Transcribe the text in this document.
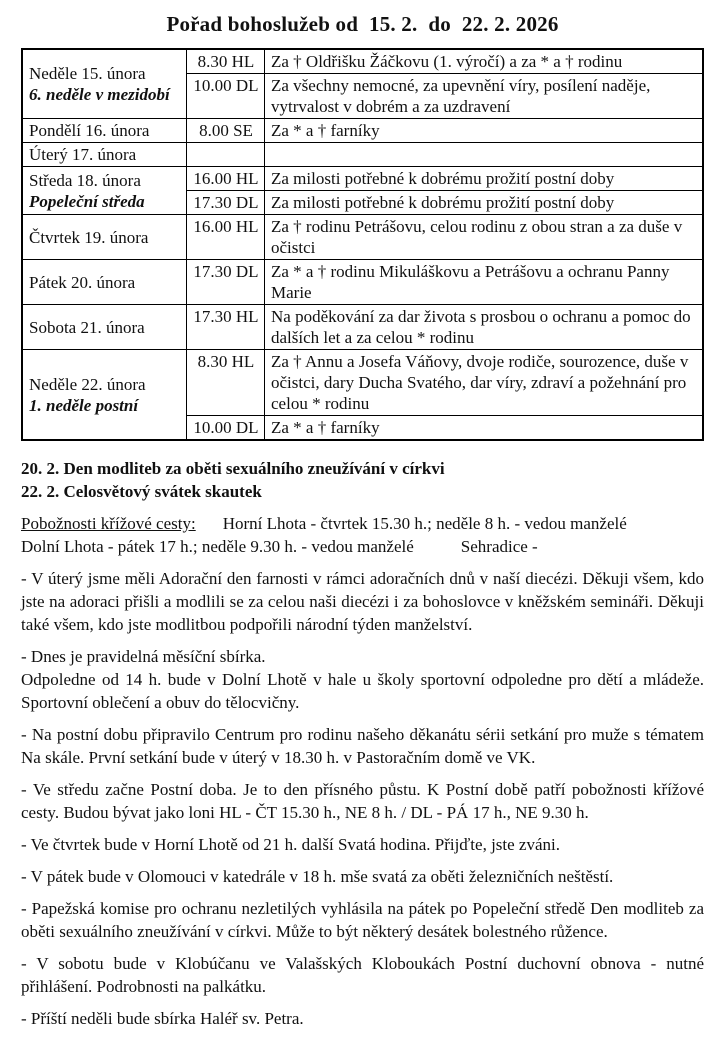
Pořad bohoslužeb od  15. 2.  do  22. 2. 2026
Neděle 15. února
6. neděle v mezidobí	8.30 HL	Za † Oldřišku Žáčkovu (1. výročí) a za * a † rodinu
	10.00 DL	Za všechny nemocné, za upevnění víry, posílení naděje, vytrvalost v dobrém a za uzdravení

Pondělí 16. února	8.00 SE	Za * a † farníky

Úterý 17. února		

Středa 18. února
Popeleční středa	16.00 HL	Za milosti potřebné k dobrému prožití postní doby
	17.30 DL	Za milosti potřebné k dobrému prožití postní doby

Čtvrtek 19. února	16.00 HL	Za † rodinu Petrášovu, celou rodinu z obou stran a za duše v očistci

Pátek 20. února	17.30 DL	Za * a † rodinu Mikuláškovu a Petrášovu a ochranu Panny Marie

Sobota 21. února	17.30 HL	Na poděkování za dar života s prosbou o ochranu a pomoc do dalších let a za celou * rodinu

Neděle 22. února
1. neděle postní	8.30 HL	Za † Annu a Josefa Váňovy, dvoje rodiče, sourozence, duše v očistci, dary Ducha Svatého, dar víry, zdraví a požehnání pro celou * rodinu
	10.00 DL	Za * a † farníky
20. 2. Den modliteb za oběti sexuálního zneužívání v církvi
22. 2. Celosvětový svátek skautek
Pobožnosti křížové cesty: Horní Lhota - čtvrtek 15.30 h.; neděle 8 h. - vedou manželé
Dolní Lhota - pátek 17 h.; neděle 9.30 h. - vedou manželé	Sehradice -

- V úterý jsme měli Adorační den farnosti v rámci adoračních dnů v naší diecézi. Děkuji všem, kdo jste na adoraci přišli a modlili se za celou naši diecézi i za bohoslovce v kněžském semináři. Děkuji také všem, kdo jste modlitbou podpořili národní týden manželství.

- Dnes je pravidelná měsíční sbírka.

Odpoledne od 14 h. bude v Dolní Lhotě v hale u školy sportovní odpoledne pro dětí a mládeže. Sportovní oblečení a obuv do tělocvičny.

- Na postní dobu připravilo Centrum pro rodinu našeho děkanátu sérii setkání pro muže s tématem Na skále. První setkání bude v úterý v 18.30 h. v Pastoračním domě ve VK.

- Ve středu začne Postní doba. Je to den přísného půstu. K Postní době patří pobožnosti křížové cesty. Budou bývat jako loni HL - ČT 15.30 h., NE 8 h. / DL - PÁ 17 h., NE 9.30 h.

- Ve čtvrtek bude v Horní Lhotě od 21 h. další Svatá hodina. Přijďte, jste zváni.

- V pátek bude v Olomouci v katedrále v 18 h. mše svatá za oběti železničních neštěstí.

- Papežská komise pro ochranu nezletilých vyhlásila na pátek po Popeleční středě Den modliteb za oběti sexuálního zneužívání v církvi. Může to být některý desátek bolestného růžence.

- V sobotu bude v Klobúčanu ve Valašských Kloboukách Postní duchovní obnova - nutné přihlášení. Podrobnosti na palkátku.

- Příští neděli bude sbírka Haléř sv. Petra.
